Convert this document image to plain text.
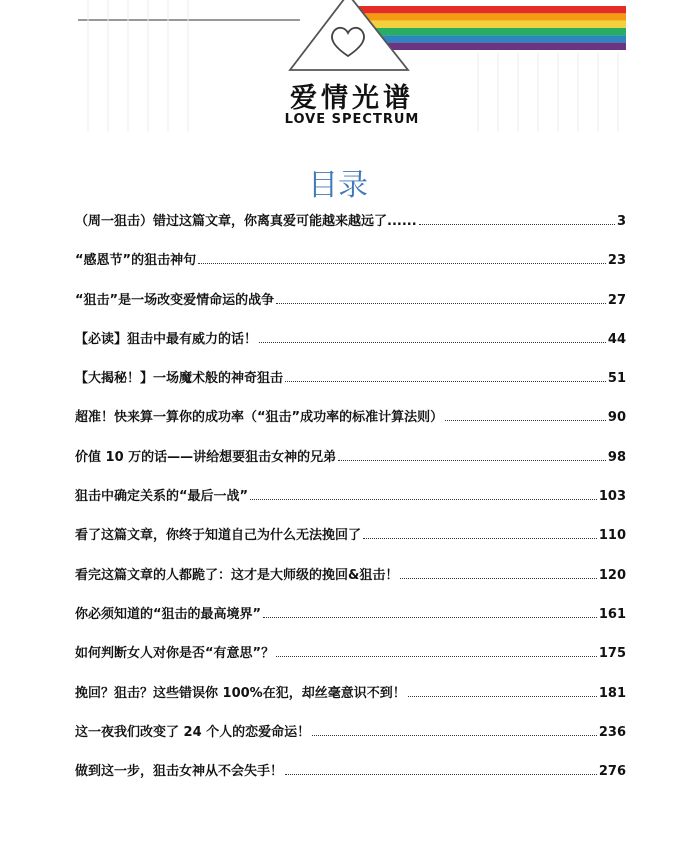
爱情光谱
LOVE SPECTRUM
目录
（周一狙击）错过这篇文章，你离真爱可能越来越远了......	3
“感恩节”的狙击神句	23
“狙击”是一场改变爱情命运的战争	27
【必读】狙击中最有威力的话！	44
【大揭秘！】一场魔术般的神奇狙击	51
超准！快来算一算你的成功率（“狙击”成功率的标准计算法则）	90
价值 10 万的话——讲给想要狙击女神的兄弟	98
狙击中确定关系的“最后一战”	103
看了这篇文章，你终于知道自己为什么无法挽回了	110
看完这篇文章的人都跪了：这才是大师级的挽回&狙击！	120
你必须知道的“狙击的最高境界”	161
如何判断女人对你是否“有意思”？	175
挽回？狙击？这些错误你 100%在犯，却丝毫意识不到！	181
这一夜我们改变了 24 个人的恋爱命运！	236
做到这一步，狙击女神从不会失手！	276
